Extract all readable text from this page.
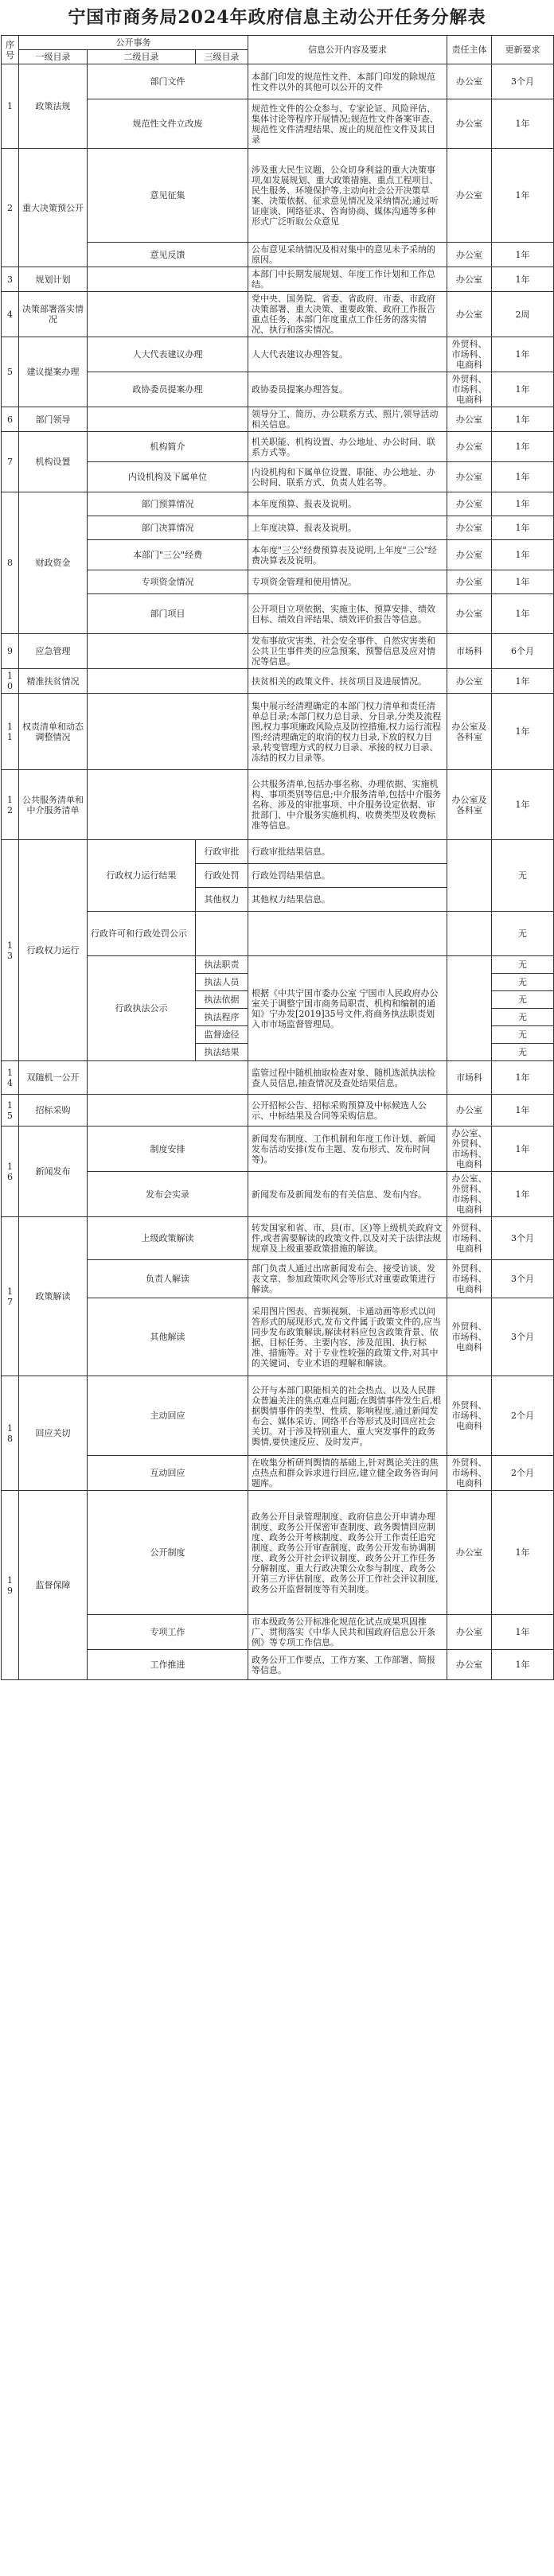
宁国市商务局2024年政府信息主动公开任务分解表
序号	公开事务			信息公开内容及要求	责任主体	更新要求
	一级目录	二级目录	三级目录			
1	政策法规	部门文件		本部门印发的规范性文件、本部门印发的除规范性文件以外的其他可以公开的文件	办公室	3个月
		规范性文件立改废		规范性文件的公众参与、专家论证、风险评估、集体讨论等程序开展情况;规范性文件备案审查、规范性文件清理结果、废止的规范性文件及其目录	办公室	1年
2	重大决策预公开	意见征集		涉及重大民生议题、公众切身利益的重大决策事项,如发展规划、重大政策措施、重点工程项目、民生服务、环境保护等,主动向社会公开决策草案、决策依据、征求意见情况及采纳情况;通过听证座谈、网络征求、咨询协商、媒体沟通等多种形式广泛听取公众意见	办公室	1年
		意见反馈		公布意见采纳情况及相对集中的意见未予采纳的原因。	办公室	1年
3	规划计划			本部门中长期发展规划、年度工作计划和工作总结。	办公室	1年
4	决策部署落实情况			党中央、国务院、省委、省政府、市委、市政府决策部署、重大决策、重要政策、政府工作报告重点任务、本部门年度重点工作任务的落实情况、执行和落实情况。	办公室	2周
5	建议提案办理	人大代表建议办理		人大代表建议办理答复。	外贸科、市场科、电商科	1年
		政协委员提案办理		政协委员提案办理答复。	外贸科、市场科、电商科	1年
6	部门领导			领导分工、简历、办公联系方式、照片,领导活动相关信息。	办公室	1年
7	机构设置	机构简介		机关职能、机构设置、办公地址、办公时间、联系方式等。	办公室	1年
		内设机构及下属单位		内设机构和下属单位设置、职能、办公地址、办公时间、联系方式、负责人姓名等。	办公室	1年
8	财政资金	部门预算情况		本年度预算、报表及说明。	办公室	1年
		部门决算情况		上年度决算、报表及说明。	办公室	1年
		本部门"三公"经费		本年度"三公"经费预算表及说明,上年度"三公"经费决算表及说明。	办公室	1年
		专项资金情况		专项资金管理和使用情况。	办公室	1年
		部门项目		公开项目立项依据、实施主体、预算安排、绩效目标、绩效自评结果、绩效评价报告等信息。	办公室	1年
9	应急管理			发布事故灾害类、社会安全事件、自然灾害类和公共卫生事件类的应急预案、预警信息及应对情况等信息。	市场科	6个月
10	精准扶贫情况			扶贫相关的政策文件、扶贫项目及进展情况。	办公室	1年
11	权责清单和动态调整情况			集中展示经清理确定的本部门权力清单和责任清单总目录;本部门权力总目录、分目录,分类及流程图,权力事项廉政风险点及防控措施,权力运行流程图;经清理确定的取消的权力目录,下放的权力目录,转变管理方式的权力目录、承接的权力目录、冻结的权力目录等。	办公室及各科室	1年
12	公共服务清单和中介服务清单			公共服务清单,包括办事名称、办理依据、实施机构、事项类别等信息;中介服务清单,包括中介服务名称、涉及的审批事项、中介服务设定依据、审批部门、中介服务实施机构、收费类型及收费标准等信息。	办公室及各科室	1年
13	行政权力运行	行政权力运行结果	行政审批	行政审批结果信息。		无
			行政处罚	行政处罚结果信息。		
			其他权力	其他权力结果信息。		
		行政许可和行政处罚公示				无
		行政执法公示	执法职责	根据《中共宁国市委办公室 宁国市人民政府办公室关于调整宁国市商务局职责、机构和编制的通知》宁办发[2019]35号文件,将商务执法职责划入市市场监督管理局。		无
			执法人员			无
			执法依据			无
			执法程序			无
			监督途径			无
			执法结果			无
14	双随机一公开			监管过程中随机抽取检查对象、随机选派执法检查人员信息,抽查情况及查处结果信息。	市场科	1年
15	招标采购			公开招标公告、招标采购预算及中标候选人公示、中标结果及合同等采购信息。	办公室	1年
16	新闻发布	制度安排		新闻发布制度、工作机制和年度工作计划、新闻发布活动安排(发布主题、发布形式、发布时间等)。	办公室、外贸科、市场科、电商科	1年
		发布会实录		新闻发布及新闻发布的有关信息、发布内容。	办公室、外贸科、市场科、电商科	1年
17	政策解读	上级政策解读		转发国家和省、市、县(市、区)等上级机关政府文件,或者需要解读的政策文件,以及对关于法律法规规章及上级重要政策措施的解读。	外贸科、市场科、电商科	3个月
		负责人解读		部门负责人通过出席新闻发布会、接受访谈、发表文章、参加政策吹风会等形式对重要政策进行解读。	外贸科、市场科、电商科	3个月
		其他解读		采用图片图表、音频视频、卡通动画等形式以问答形式的展现形式,发布文件属于政策文件的,应当同步发布政策解读,解读材料应包含政策背景、依据、目标任务、主要内容、涉及范围、执行标准、措施等。对于专业性较强的政策文件,对其中的关键词、专业术语的理解和解读。	外贸科、市场科、电商科	3个月
18	回应关切	主动回应		公开与本部门职能相关的社会热点、以及人民群众普遍关注的焦点难点问题;在舆情事件发生后,根据舆情事件的类型、性质、影响程度,通过新闻发布会、媒体采访、网络平台等形式及时回应社会关切。对于涉及特别重大、重大突发事件的政务舆情,要快速反应、及时发声。	外贸科、市场科、电商科	2个月
		互动回应		在收集分析研判舆情的基础上,针对舆论关注的焦点热点和群众诉求进行回应,建立健全政务咨询问题库。	外贸科、市场科、电商科	2个月
19	监督保障	公开制度		政务公开目录管理制度、政府信息公开申请办理制度、政务公开保密审查制度、政务舆情回应制度、政务公开考核制度、政务公开工作责任追究制度、政务公开审查制度、政务公开发布协调制度、政务公开社会评议制度、政务公开工作任务分解制度、重大行政决策公众参与制度、政务公开第三方评估制度、政务公开工作社会评议制度,政务公开监督制度等有关制度。	办公室	1年
		专项工作		市本级政务公开标准化规范化试点成果巩固推广、贯彻落实《中华人民共和国政府信息公开条例》等专项工作信息。	办公室	1年
		工作推进		政务公开工作要点、工作方案、工作部署、简报等信息。	办公室	1年
